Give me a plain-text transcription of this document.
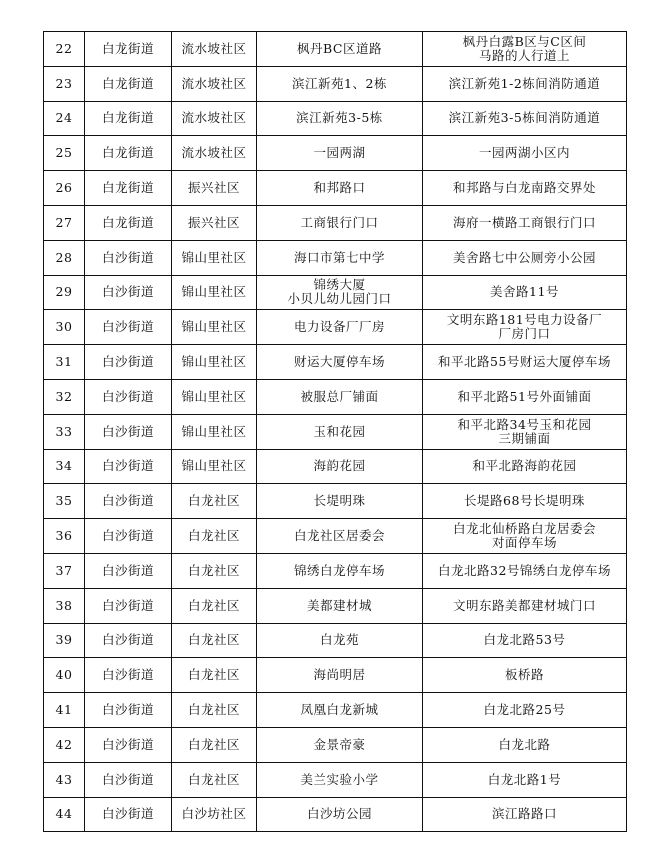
22	白龙街道	流水坡社区	枫丹BC区道路	枫丹白露B区与C区间
马路的人行道上
23	白龙街道	流水坡社区	滨江新苑1、2栋	滨江新苑1-2栋间消防通道
24	白龙街道	流水坡社区	滨江新苑3-5栋	滨江新苑3-5栋间消防通道
25	白龙街道	流水坡社区	一园两湖	一园两湖小区内
26	白龙街道	振兴社区	和邦路口	和邦路与白龙南路交界处
27	白龙街道	振兴社区	工商银行门口	海府一横路工商银行门口
28	白沙街道	锦山里社区	海口市第七中学	美舍路七中公厕旁小公园
29	白沙街道	锦山里社区	锦绣大厦
小贝儿幼儿园门口	美舍路11号
30	白沙街道	锦山里社区	电力设备厂厂房	文明东路181号电力设备厂
厂房门口
31	白沙街道	锦山里社区	财运大厦停车场	和平北路55号财运大厦停车场
32	白沙街道	锦山里社区	被服总厂铺面	和平北路51号外面铺面
33	白沙街道	锦山里社区	玉和花园	和平北路34号玉和花园
三期铺面
34	白沙街道	锦山里社区	海韵花园	和平北路海韵花园
35	白沙街道	白龙社区	长堤明珠	长堤路68号长堤明珠
36	白沙街道	白龙社区	白龙社区居委会	白龙北仙桥路白龙居委会
对面停车场
37	白沙街道	白龙社区	锦绣白龙停车场	白龙北路32号锦绣白龙停车场
38	白沙街道	白龙社区	美都建材城	文明东路美都建材城门口
39	白沙街道	白龙社区	白龙苑	白龙北路53号
40	白沙街道	白龙社区	海尚明居	板桥路
41	白沙街道	白龙社区	凤凰白龙新城	白龙北路25号
42	白沙街道	白龙社区	金景帝豪	白龙北路
43	白沙街道	白龙社区	美兰实验小学	白龙北路1号
44	白沙街道	白沙坊社区	白沙坊公园	滨江路路口
